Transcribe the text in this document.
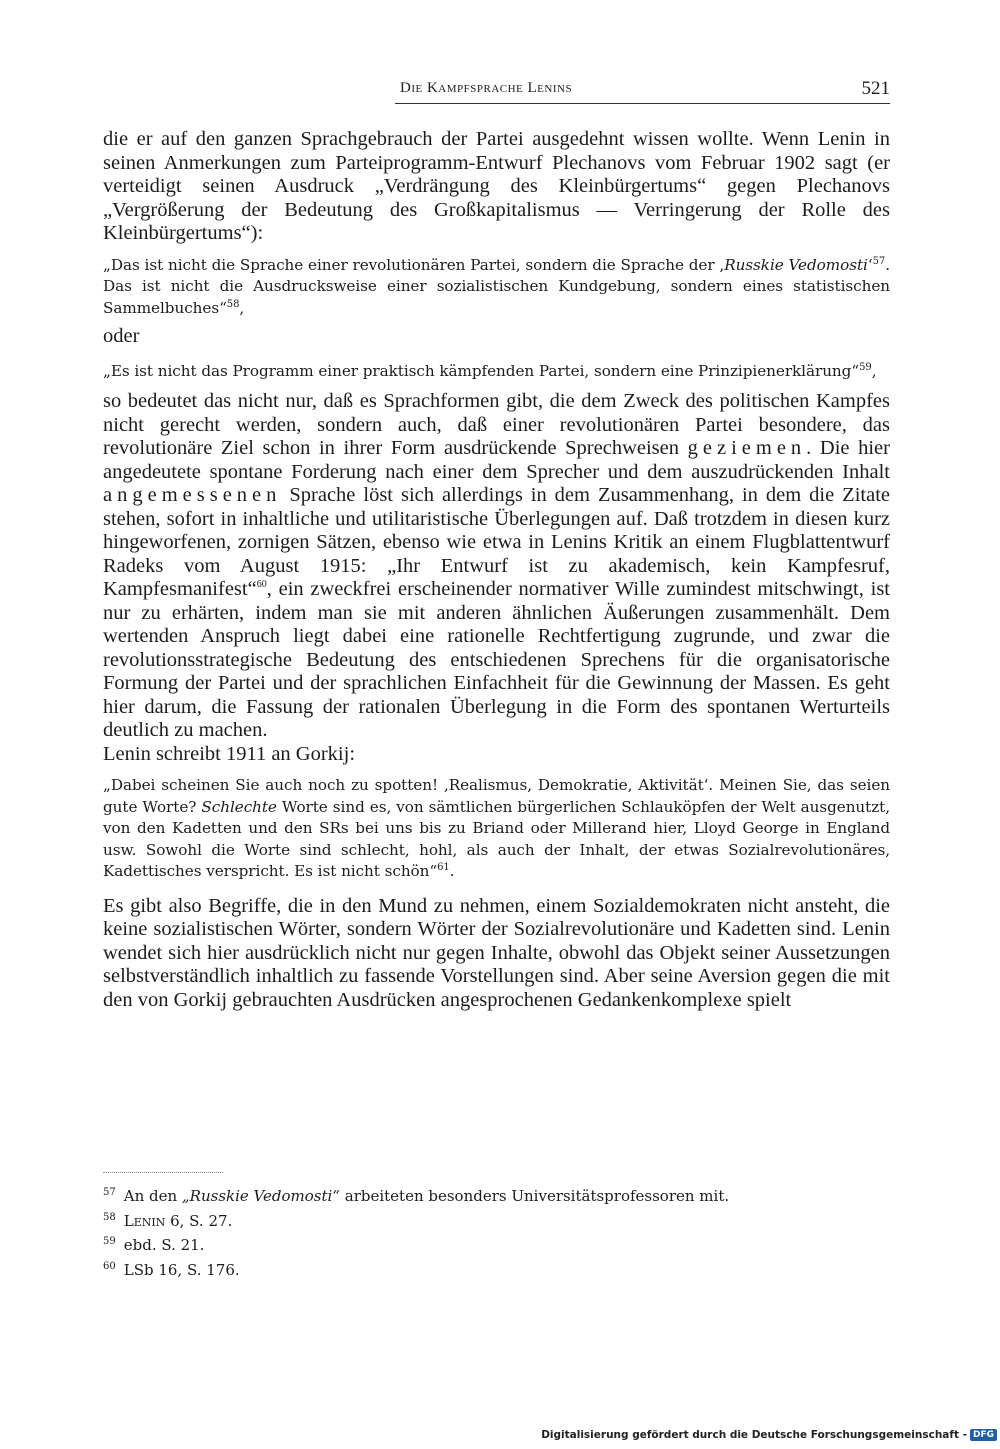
Die Kampfsprache Lenins	521

die er auf den ganzen Sprachgebrauch der Partei ausgedehnt wissen wollte. Wenn Lenin in seinen Anmerkungen zum Parteiprogramm-Entwurf Plechanovs vom Februar 1902 sagt (er verteidigt seinen Ausdruck „Verdrängung des Kleinbürgertums“ gegen Plechanovs „Vergrößerung der Bedeutung des Großkapitalismus — Verringerung der Rolle des Kleinbürgertums“):

„Das ist nicht die Sprache einer revolutionären Partei, sondern die Sprache der ‚Russkie Vedomosti‘$^{57}$. Das ist nicht die Ausdrucksweise einer sozialistischen Kundgebung, sondern eines statistischen Sammelbuches“$^{58}$,

oder

„Es ist nicht das Programm einer praktisch kämpfenden Partei, sondern eine Prinzipienerklärung“$^{59}$,

so bedeutet das nicht nur, daß es Sprachformen gibt, die dem Zweck des politischen Kampfes nicht gerecht werden, sondern auch, daß einer revolutionären Partei besondere, das revolutionäre Ziel schon in ihrer Form ausdrückende Sprechweisen geziemen. Die hier angedeutete spontane Forderung nach einer dem Sprecher und dem auszudrückenden Inhalt angemessenen Sprache löst sich allerdings in dem Zusammenhang, in dem die Zitate stehen, sofort in inhaltliche und utilitaristische Überlegungen auf. Daß trotzdem in diesen kurz hingeworfenen, zornigen Sätzen, ebenso wie etwa in Lenins Kritik an einem Flugblattentwurf Radeks vom August 1915: „Ihr Entwurf ist zu akademisch, kein Kampfesruf, Kampfesmanifest“$^{60}$, ein zweckfrei erscheinender normativer Wille zumindest mitschwingt, ist nur zu erhärten, indem man sie mit anderen ähnlichen Äußerungen zusammenhält. Dem wertenden Anspruch liegt dabei eine rationelle Rechtfertigung zugrunde, und zwar die revolutionsstrategische Bedeutung des entschiedenen Sprechens für die organisatorische Formung der Partei und der sprachlichen Einfachheit für die Gewinnung der Massen. Es geht hier darum, die Fassung der rationalen Überlegung in die Form des spontanen Werturteils deutlich zu machen.

Lenin schreibt 1911 an Gorkij:

„Dabei scheinen Sie auch noch zu spotten! ‚Realismus, Demokratie, Aktivität‘. Meinen Sie, das seien gute Worte? Schlechte Worte sind es, von sämtlichen bürgerlichen Schlauköpfen der Welt ausgenutzt, von den Kadetten und den SRs bei uns bis zu Briand oder Millerand hier, Lloyd George in England usw. Sowohl die Worte sind schlecht, hohl, als auch der Inhalt, der etwas Sozialrevolutionäres, Kadettisches verspricht. Es ist nicht schön“$^{61}$.

Es gibt also Begriffe, die in den Mund zu nehmen, einem Sozialdemokraten nicht ansteht, die keine sozialistischen Wörter, sondern Wörter der Sozialrevolutionäre und Kadetten sind. Lenin wendet sich hier ausdrücklich nicht nur gegen Inhalte, obwohl das Objekt seiner Aussetzungen selbstverständlich inhaltlich zu fassende Vorstellungen sind. Aber seine Aversion gegen die mit den von Gorkij gebrauchten Ausdrücken angesprochenen Gedankenkomplexe spielt

$^{57}$ An den „Russkie Vedomosti“ arbeiteten besonders Universitätsprofessoren mit.

$^{58}$ Lenin 6, S. 27.

$^{59}$ ebd. S. 21.

$^{60}$ LSb 16, S. 176.

Digitalisierung gefördert durch die Deutsche Forschungsgemeinschaft - DFG
